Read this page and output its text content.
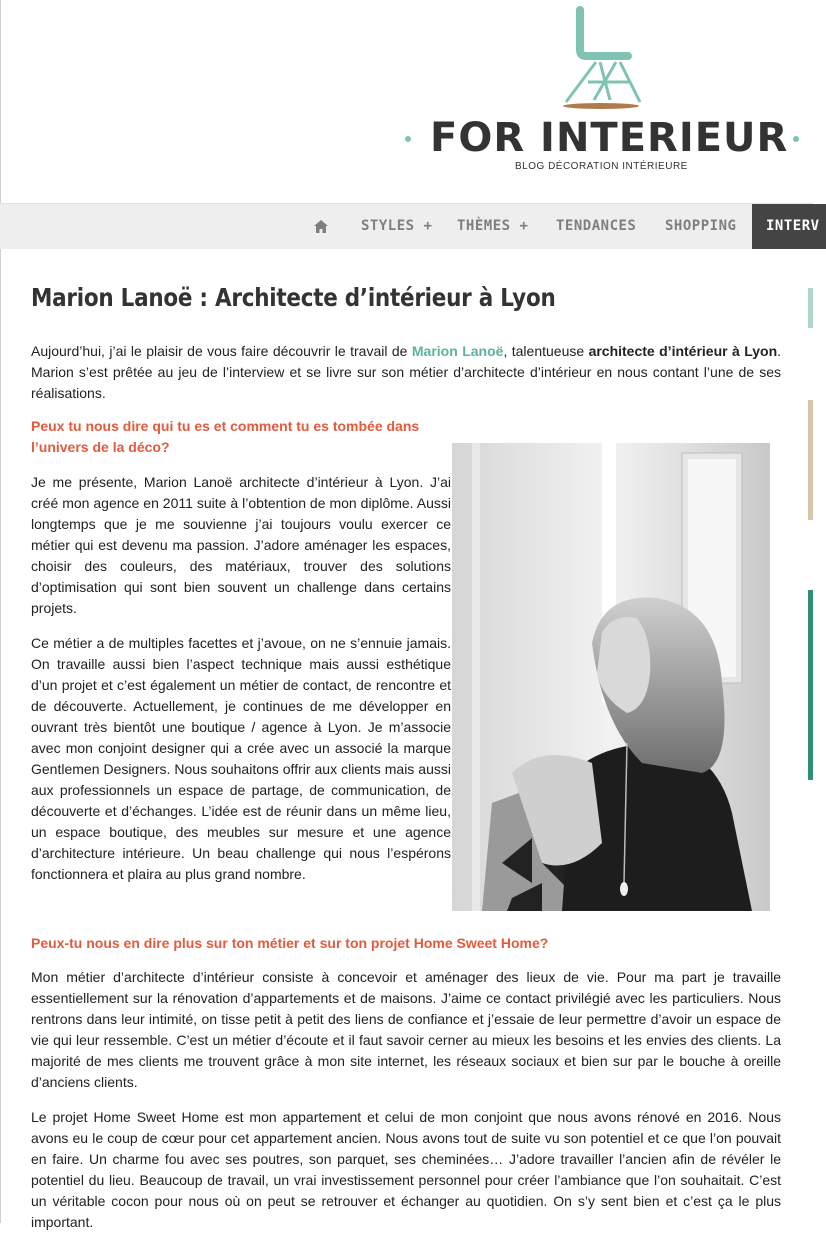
FOR INTERIEUR
BLOG DÉCORATION INTÉRIEURE
STYLES + THÈMES + TENDANCES SHOPPING	INTERV
Marion Lanoë : Architecte d’intérieur à Lyon

Aujourd’hui, j’ai le plaisir de vous faire découvrir le travail de Marion Lanoë, talentueuse architecte d’intérieur à Lyon. Marion s’est prêtée au jeu de l’interview et se livre sur son métier d’architecte d’intérieur en nous contant l’une de ses réalisations.

Peux tu nous dire qui tu es et comment tu es tombée dans l’univers de la déco?

Je me présente, Marion Lanoë architecte d’intérieur à Lyon. J’ai créé mon agence en 2011 suite à l’obtention de mon diplôme. Aussi longtemps que je me souvienne j’ai toujours voulu exercer ce métier qui est devenu ma passion. J’adore aménager les espaces, choisir des couleurs, des matériaux, trouver des solutions d’optimisation qui sont bien souvent un challenge dans certains projets.

Ce métier a de multiples facettes et j’avoue, on ne s’ennuie jamais. On travaille aussi bien l’aspect technique mais aussi esthétique d’un projet et c’est également un métier de contact, de rencontre et de découverte. Actuellement, je continues de me développer en ouvrant très bientôt une boutique / agence à Lyon. Je m’associe avec mon conjoint designer qui a crée avec un associé la marque Gentlemen Designers. Nous souhaitons offrir aux clients mais aussi aux professionnels un espace de partage, de communication, de découverte et d’échanges. L’idée est de réunir dans un même lieu, un espace boutique, des meubles sur mesure et une agence d’architecture intérieure. Un beau challenge qui nous l’espérons fonctionnera et plaira au plus grand nombre.

Peux-tu nous en dire plus sur ton métier et sur ton projet Home Sweet Home?

Mon métier d’architecte d’intérieur consiste à concevoir et aménager des lieux de vie. Pour ma part je travaille essentiellement sur la rénovation d’appartements et de maisons. J’aime ce contact privilégié avec les particuliers. Nous rentrons dans leur intimité, on tisse petit à petit des liens de confiance et j’essaie de leur permettre d’avoir un espace de vie qui leur ressemble. C’est un métier d’écoute et il faut savoir cerner au mieux les besoins et les envies des clients. La majorité de mes clients me trouvent grâce à mon site internet, les réseaux sociaux et bien sur par le bouche à oreille d’anciens clients.

Le projet Home Sweet Home est mon appartement et celui de mon conjoint que nous avons rénové en 2016. Nous avons eu le coup de cœur pour cet appartement ancien. Nous avons tout de suite vu son potentiel et ce que l’on pouvait en faire. Un charme fou avec ses poutres, son parquet, ses cheminées… J’adore travailler l’ancien afin de révéler le potentiel du lieu. Beaucoup de travail, un vrai investissement personnel pour créer l’ambiance que l’on souhaitait. C’est un véritable cocon pour nous où on peut se retrouver et échanger au quotidien. On s’y sent bien et c’est ça le plus important.
